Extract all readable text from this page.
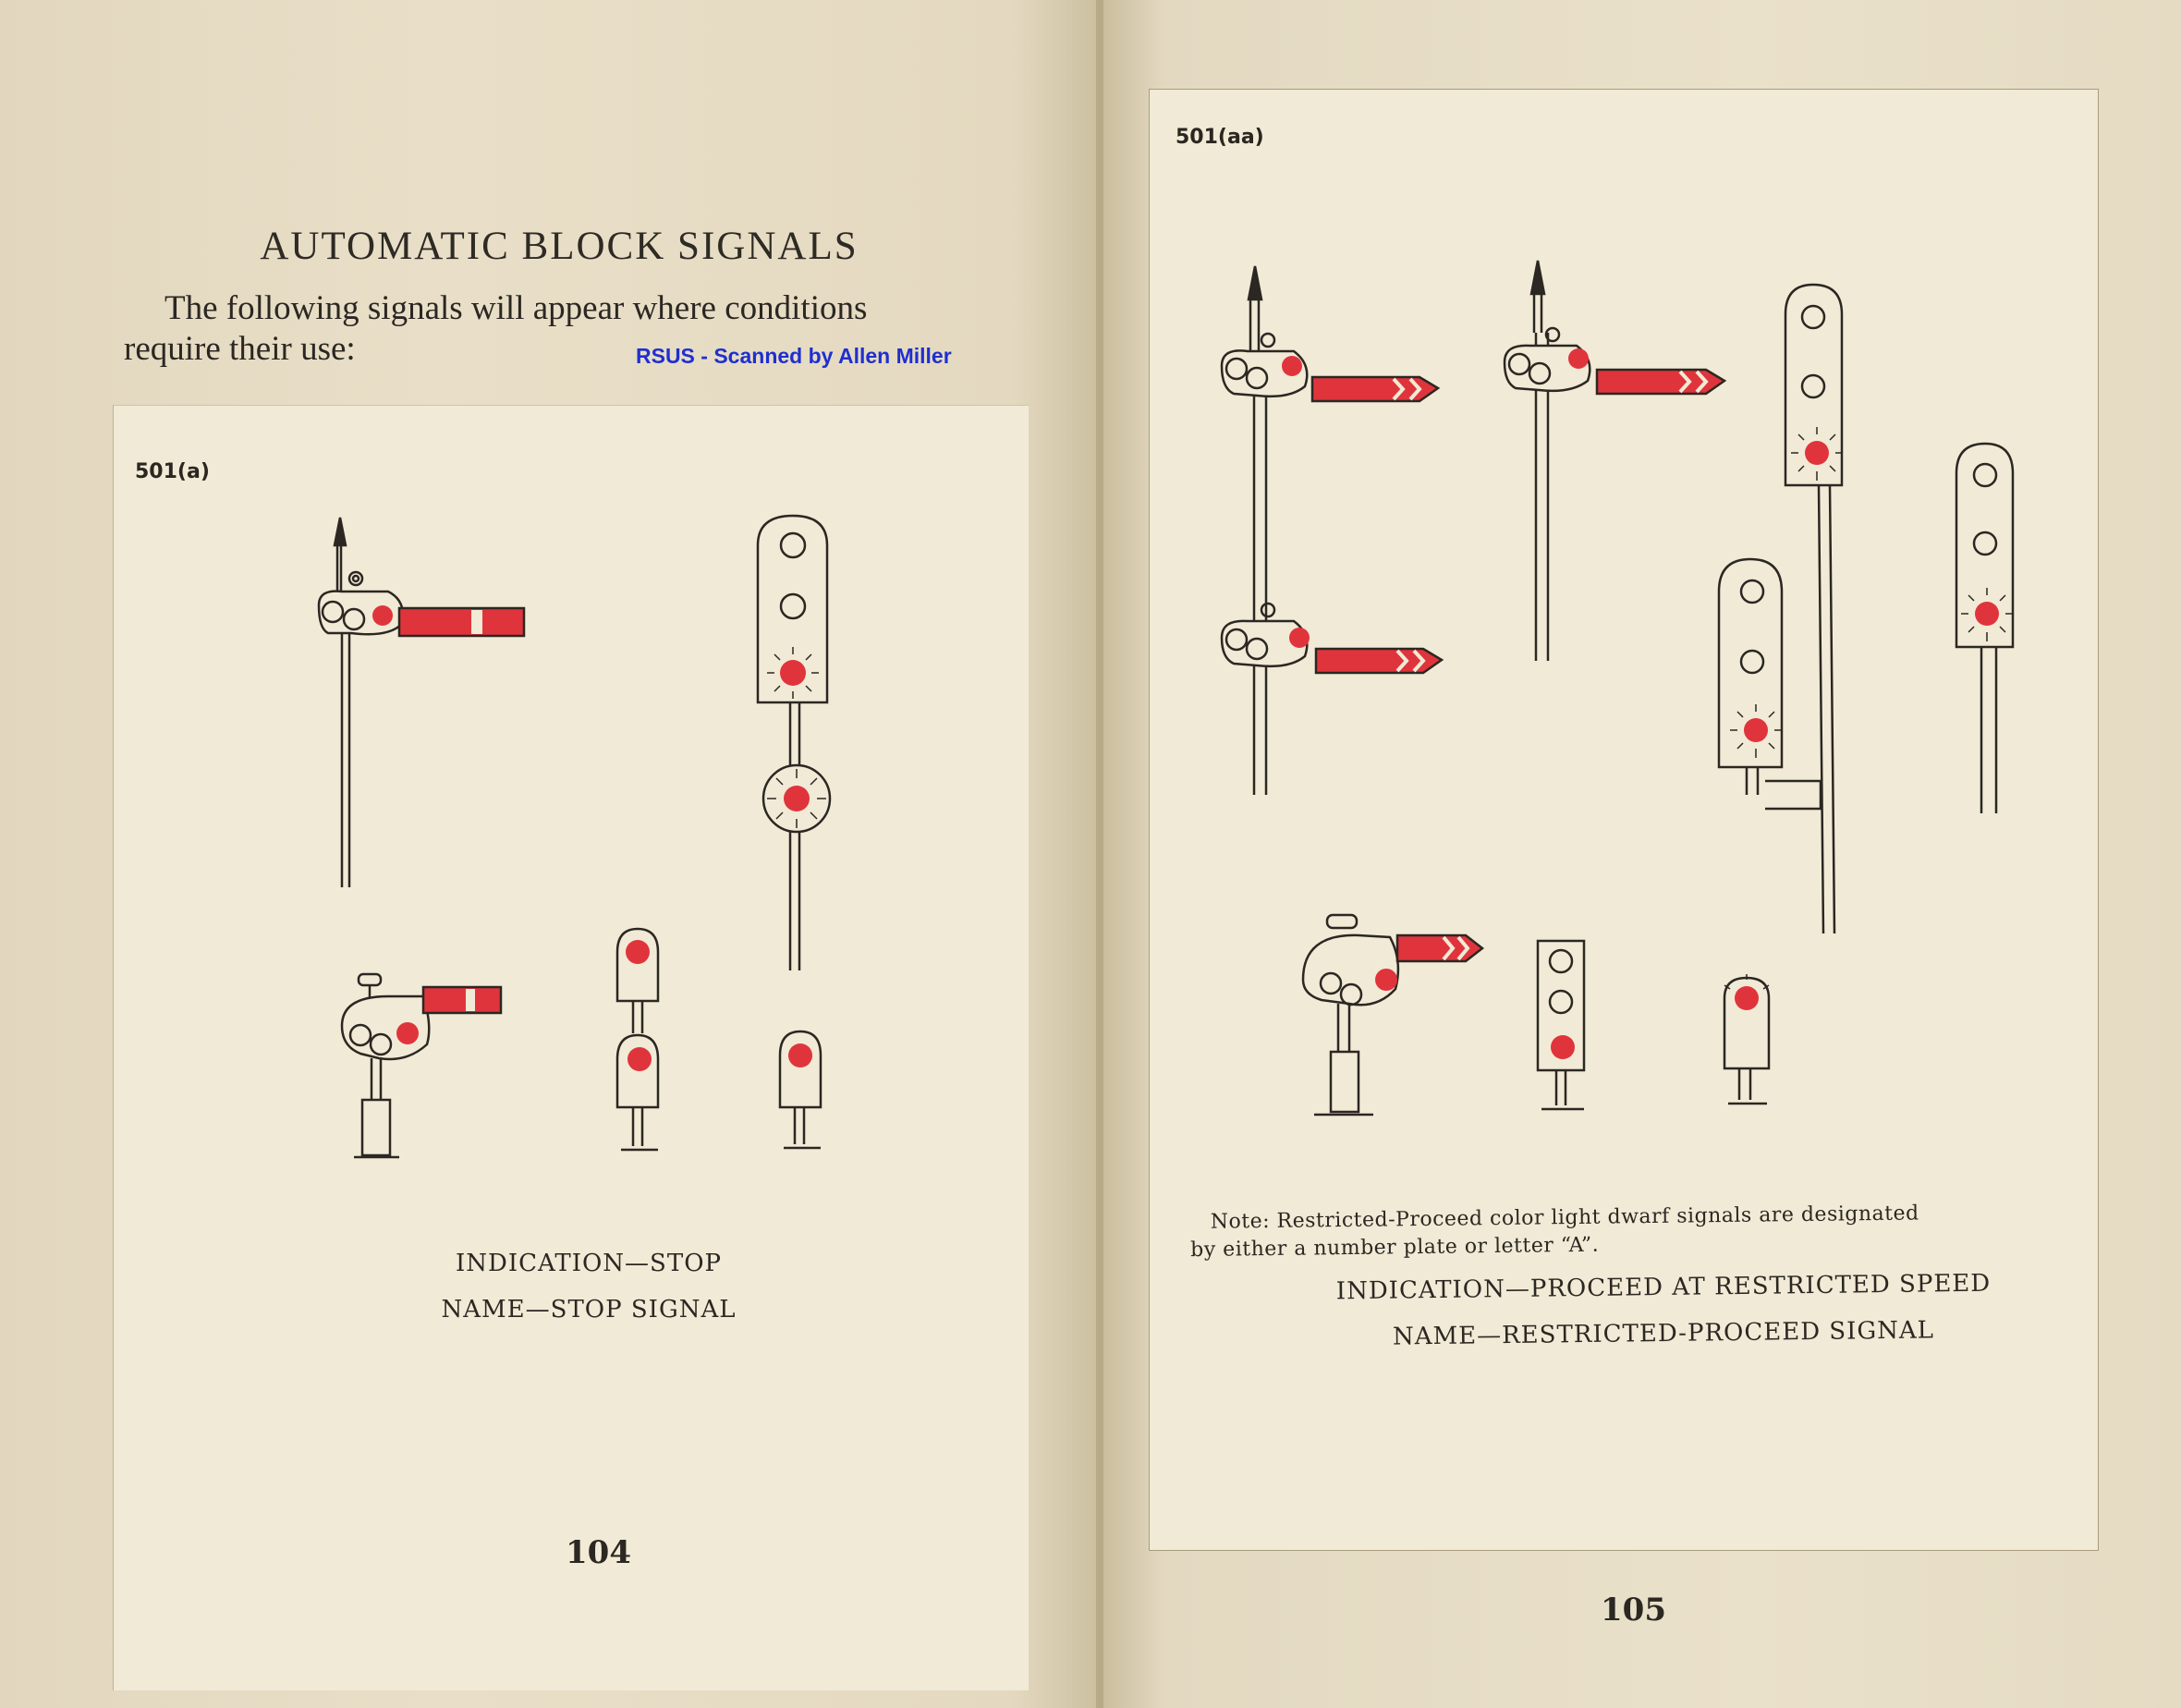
AUTOMATIC BLOCK SIGNALS
The following signals will appear where conditions
require their use:	RSUS - Scanned by Allen Miller
501(a)
INDICATION—STOP
NAME—STOP SIGNAL
104
501(aa)
Note: Restricted-Proceed color light dwarf signals are designated
by either a number plate or letter “A”.
INDICATION—PROCEED AT RESTRICTED SPEED
NAME—RESTRICTED-PROCEED SIGNAL
105
